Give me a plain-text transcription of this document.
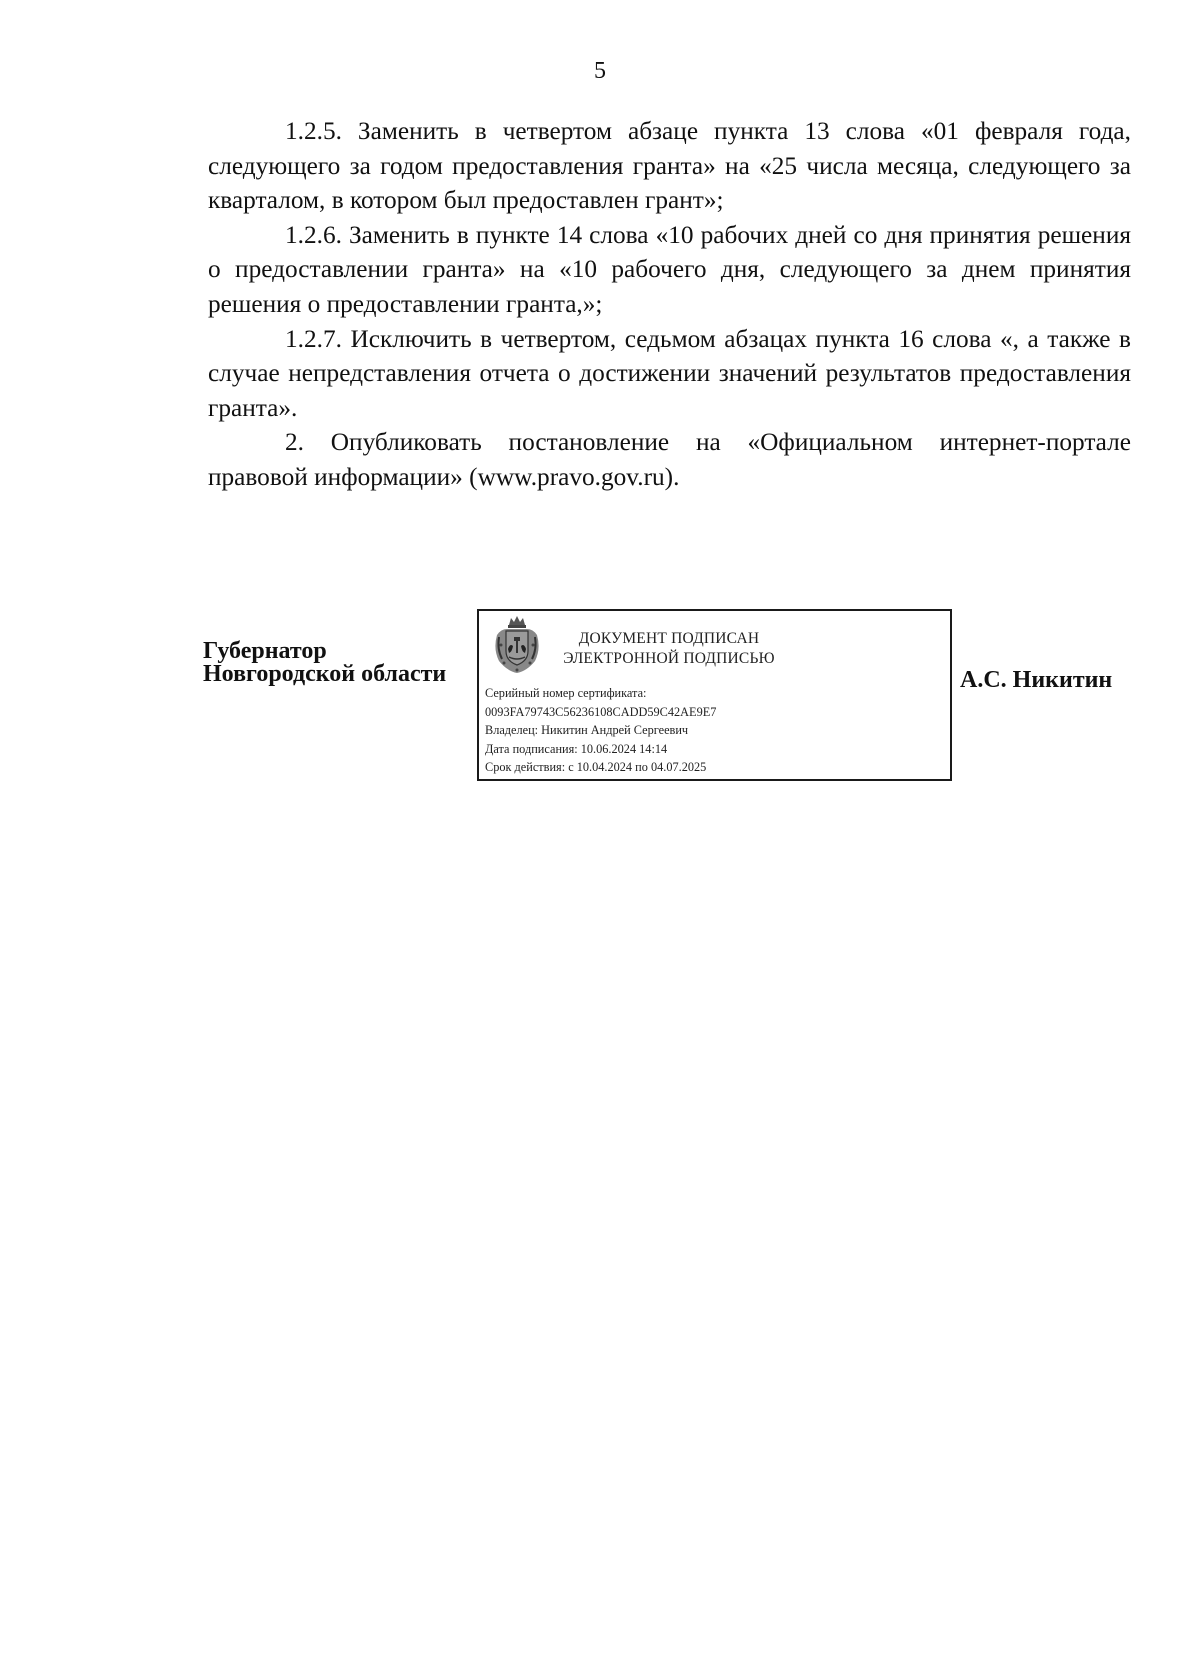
5

1.2.5. Заменить в четвертом абзаце пункта 13 слова «01 февраля года, следующего за годом предоставления гранта» на «25 числа месяца, следующего за кварталом, в котором был предоставлен грант»;

1.2.6. Заменить в пункте 14 слова «10 рабочих дней со дня принятия решения о предоставлении гранта» на «10 рабочего дня, следующего за днем принятия решения о предоставлении гранта,»;

1.2.7. Исключить в четвертом, седьмом абзацах пункта 16 слова «, а также в случае непредставления отчета о достижении значений результатов предоставления гранта».

2. Опубликовать постановление на «Официальном интернет-портале правовой информации» (www.pravo.gov.ru).

Губернатор
Новгородской области
ДОКУМЕНТ ПОДПИСАН
ЭЛЕКТРОННОЙ ПОДПИСЬЮ
Серийный номер сертификата:
0093FA79743C56236108CADD59C42AE9E7
Владелец: Никитин Андрей Сергеевич
Дата подписания: 10.06.2024 14:14
Срок действия: с 10.04.2024 по 04.07.2025
А.С. Никитин
